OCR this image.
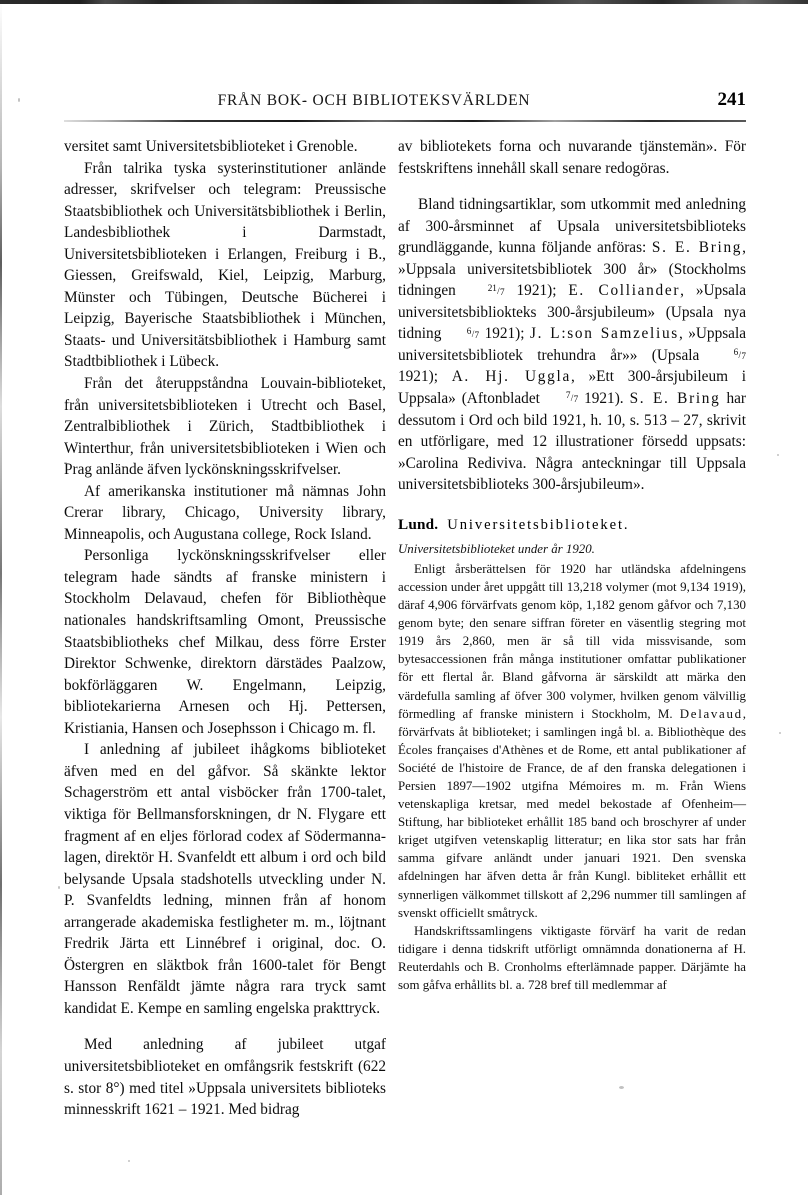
FRÅN BOK- OCH BIBLIOTEKSVÄRLDEN	241

versitet samt Universitetsbiblioteket i Grenoble.

Från talrika tyska systerinstitutioner anlände adresser, skrifvelser och telegram: Preussische Staatsbibliothek och Universitätsbibliothek i Berlin, Landesbibliothek i Darmstadt, Universitetsbiblioteken i Erlangen, Freiburg i B., Giessen, Greifswald, Kiel, Leipzig, Marburg, Münster och Tübingen, Deutsche Bücherei i Leipzig, Bayerische Staatsbibliothek i München, Staats- und Universitätsbibliothek i Hamburg samt Stadtbibliothek i Lübeck.

Från det återuppståndna Louvain-biblioteket, från universitetsbiblioteken i Utrecht och Basel, Zentralbibliothek i Zürich, Stadtbibliothek i Winterthur, från universitetsbiblioteken i Wien och Prag anlände äfven lyckönskningsskrifvelser.

Af amerikanska institutioner må nämnas John Crerar library, Chicago, University library, Minneapolis, och Augustana college, Rock Island.

Personliga lyckönskningsskrifvelser eller telegram hade sändts af franske ministern i Stockholm Delavaud, chefen för Bibliothèque nationales handskriftsamling Omont, Preussische Staatsbibliotheks chef Milkau, dess förre Erster Direktor Schwenke, direktorn därstädes Paalzow, bokförläggaren W. Engelmann, Leipzig, bibliotekarierna Arnesen och Hj. Pettersen, Kristiania, Hansen och Josephsson i Chicago m. fl.

I anledning af jubileet ihågkoms biblioteket äfven med en del gåfvor. Så skänkte lektor Schagerström ett antal visböcker från 1700-talet, viktiga för Bellmansforskningen, dr N. Flygare ett fragment af en eljes förlorad codex af Södermanna-lagen, direktör H. Svanfeldt ett album i ord och bild belysande Upsala stadshotells utveckling under N. P. Svanfeldts ledning, minnen från af honom arrangerade akademiska festligheter m. m., löjtnant Fredrik Järta ett Linnébref i original, doc. O. Östergren en släktbok från 1600-talet för Bengt Hansson Renfäldt jämte några rara tryck samt kandidat E. Kempe en samling engelska prakttryck.

Med anledning af jubileet utgaf universitetsbiblioteket en omfångsrik festskrift (622 s. stor 8°) med titel »Uppsala universitets biblioteks minnesskrift 1621 – 1921. Med bidrag

av bibliotekets forna och nuvarande tjänstemän». För festskriftens innehåll skall senare redogöras.

Bland tidningsartiklar, som utkommit med anledning af 300-årsminnet af Upsala universitetsbiblioteks grundläggande, kunna följande anföras: S. E. Bring, »Uppsala universitetsbibliotek 300 år» (Stockholms tidningen 21/7 1921); E. Colliander, »Upsala universitetsbibliokteks 300-årsjubileum» (Upsala nya tidning 6/7 1921); J. L:son Samzelius, »Uppsala universitetsbibliotek trehundra år»» (Upsala 6/7 1921); A. Hj. Uggla, »Ett 300-årsjubileum i Uppsala» (Aftonbladet 7/7 1921). S. E. Bring har dessutom i Ord och bild 1921, h. 10, s. 513 – 27, skrivit en utförligare, med 12 illustrationer försedd uppsats: »Carolina Rediviva. Några anteckningar till Uppsala universitetsbiblioteks 300-årsjubileum».

Lund. Universitetsbiblioteket.

Universitetsbiblioteket under år 1920.

Enligt årsberättelsen för 1920 har utländska afdelningens accession under året uppgått till 13,218 volymer (mot 9,134 1919), däraf 4,906 förvärfvats genom köp, 1,182 genom gåfvor och 7,130 genom byte; den senare siffran företer en väsentlig stegring mot 1919 års 2,860, men är så till vida missvisande, som bytesaccessionen från många institutioner omfattar publikationer för ett flertal år. Bland gåfvorna är särskildt att märka den värdefulla samling af öfver 300 volymer, hvilken genom välvillig förmedling af franske ministern i Stockholm, M. Delavaud, förvärfvats åt biblioteket; i samlingen ingå bl. a. Bibliothèque des Écoles françaises d'Athènes et de Rome, ett antal publikationer af Société de l'histoire de France, de af den franska delegationen i Persien 1897—1902 utgifna Mémoires m. m. Från Wiens vetenskapliga kretsar, med medel bekostade af Ofenheim—Stiftung, har biblioteket erhållit 185 band och broschyrer af under kriget utgifven vetenskaplig litteratur; en lika stor sats har från samma gifvare anländt under januari 1921. Den svenska afdelningen har äfven detta år från Kungl. bibliteket erhållit ett synnerligen välkommet tillskott af 2,296 nummer till samlingen af svenskt officiellt småtryck.

Handskriftssamlingens viktigaste förvärf ha varit de redan tidigare i denna tidskrift utförligt omnämnda donationerna af H. Reuterdahls och B. Cronholms efterlämnade papper. Därjämte ha som gåfva erhållits bl. a. 728 bref till medlemmar af
